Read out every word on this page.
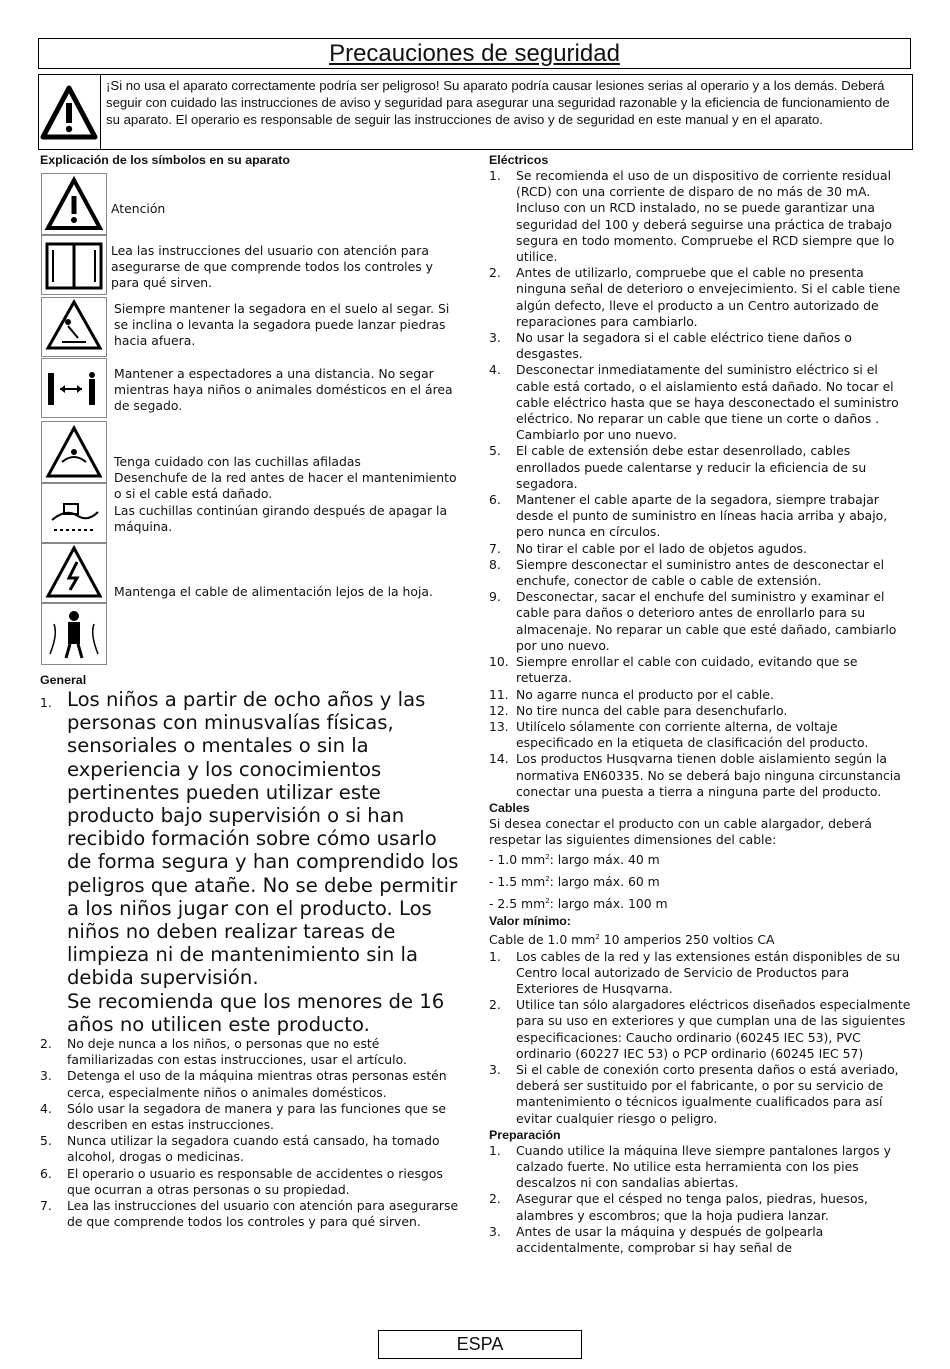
Precauciones de seguridad
¡Si no usa el aparato correctamente podría ser peligroso! Su aparato podría causar lesiones serias al operario y a los demás. Deberá seguir con cuidado las instrucciones de aviso y seguridad para asegurar una seguridad razonable y la eficiencia de funcionamiento de su aparato. El operario es responsable de seguir las instrucciones de aviso y de seguridad en este manual y en el aparato.
Explicación de los símbolos en su aparato
Atención
Lea las instrucciones del usuario con atención para asegurarse de que comprende todos los controles y para qué sirven.
Siempre mantener la segadora en el suelo al segar. Si se inclina o levanta la segadora puede lanzar piedras hacia afuera.
Mantener a espectadores a una distancia. No segar mientras haya niños o animales domésticos en el área de segado.
Tenga cuidado con las cuchillas afiladas
Desenchufe de la red antes de hacer el mantenimiento o si el cable está dañado.
Las cuchillas continúan girando después de apagar la máquina.
Mantenga el cable de alimentación lejos de la hoja.
General
1. Los niños a partir de ocho años y las personas con minusvalías físicas, sensoriales o mentales o sin la experiencia y los conocimientos pertinentes pueden utilizar este producto bajo supervisión o si han recibido formación sobre cómo usarlo de forma segura y han comprendido los peligros que atañe. No se debe permitir a los niños jugar con el producto. Los niños no deben realizar tareas de limpieza ni de mantenimiento sin la debida supervisión.

Se recomienda que los menores de 16 años no utilicen este producto.

2. No deje nunca a los niños, o personas que no esté familiarizadas con estas instrucciones, usar el artículo.
3. Detenga el uso de la máquina mientras otras personas estén cerca, especialmente niños o animales domésticos.
4. Sólo usar la segadora de manera y para las funciones que se describen en estas instrucciones.
5. Nunca utilizar la segadora cuando está cansado, ha tomado alcohol, drogas o medicinas.
6. El operario o usuario es responsable de accidentes o riesgos que ocurran a otras personas o su propiedad.
7. Lea las instrucciones del usuario con atención para asegurarse de que comprende todos los controles y para qué sirven.
Eléctricos
1. Se recomienda el uso de un dispositivo de corriente residual (RCD) con una corriente de disparo de no más de 30 mA. Incluso con un RCD instalado, no se puede garantizar una seguridad del 100 y deberá seguirse una práctica de trabajo segura en todo momento. Compruebe el RCD siempre que lo utilice.
2. Antes de utilizarlo, compruebe que el cable no presenta ninguna señal de deterioro o envejecimiento. Si el cable tiene algún defecto, lleve el producto a un Centro autorizado de reparaciones para cambiarlo.
3. No usar la segadora si el cable eléctrico tiene daños o desgastes.
4. Desconectar inmediatamente del suministro eléctrico si el cable está cortado, o el aislamiento está dañado. No tocar el cable eléctrico hasta que se haya desconectado el suministro eléctrico. No reparar un cable que tiene un corte o daños . Cambiarlo por uno nuevo.
5. El cable de extensión debe estar desenrollado, cables enrollados puede calentarse y reducir la eficiencia de su segadora.
6. Mantener el cable aparte de la segadora, siempre trabajar desde el punto de suministro en líneas hacia arriba y abajo, pero nunca en círculos.
7. No tirar el cable por el lado de objetos agudos.
8. Siempre desconectar el suministro antes de desconectar el enchufe, conector de cable o cable de extensión.
9. Desconectar, sacar el enchufe del suministro y examinar el cable para daños o deterioro antes de enrollarlo para su almacenaje. No reparar un cable que esté dañado, cambiarlo por uno nuevo.
10. Siempre enrollar el cable con cuidado, evitando que se retuerza.
11. No agarre nunca el producto por el cable.
12. No tire nunca del cable para desenchufarlo.
13. Utilícelo sólamente con corriente alterna, de voltaje especificado en la etiqueta de clasificación del producto.
14. Los productos Husqvarna tienen doble aislamiento según la normativa EN60335. No se deberá bajo ninguna circunstancia conectar una puesta a tierra a ninguna parte del producto.
Cables

Si desea conectar el producto con un cable alargador, deberá respetar las siguientes dimensiones del cable:

- 1.0 $mm^2$: largo máx. 40 m
- 1.5 $mm^2$: largo máx. 60 m
- 2.5 $mm^2$: largo máx. 100 m
Valor mínimo:
Cable de 1.0 $mm^2$ 10 amperios 250 voltios CA
1. Los cables de la red y las extensiones están disponibles de su Centro local autorizado de Servicio de Productos para Exteriores de Husqvarna.
2. Utilice tan sólo alargadores eléctricos diseñados especialmente para su uso en exteriores y que cumplan una de las siguientes especificaciones: Caucho ordinario (60245 IEC 53), PVC ordinario (60227 IEC 53) o PCP ordinario (60245 IEC 57)
3. Si el cable de conexión corto presenta daños o está averiado, deberá ser sustituido por el fabricante, o por su servicio de mantenimiento o técnicos igualmente cualificados para así evitar cualquier riesgo o peligro.
Preparación
1. Cuando utilice la máquina lleve siempre pantalones largos y calzado fuerte. No utilice esta herramienta con los pies descalzos ni con sandalias abiertas.
2. Asegurar que el césped no tenga palos, piedras, huesos, alambres y escombros; que la hoja pudiera lanzar.
3. Antes de usar la máquina y después de golpearla accidentalmente, comprobar si hay señal de
ESPA
